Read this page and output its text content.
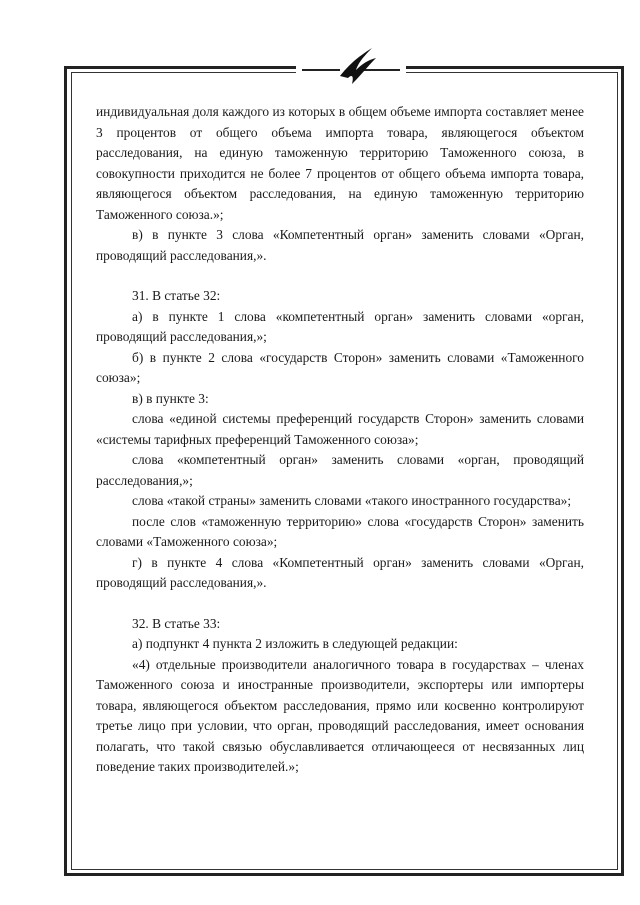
индивидуальная доля каждого из которых в общем объеме импорта составляет менее 3 процентов от общего объема импорта товара, являющегося объектом расследования, на единую таможенную территорию Таможенного союза, в совокупности приходится не более 7 процентов от общего объема импорта товара, являющегося объектом расследования, на единую таможенную территорию Таможенного союза.»;

в) в пункте 3 слова «Компетентный орган» заменить словами «Орган, проводящий расследования,».

31. В статье 32:

а) в пункте 1 слова «компетентный орган» заменить словами «орган, проводящий расследования,»;

б) в пункте 2 слова «государств Сторон» заменить словами «Таможенного союза»;

в) в пункте 3:

слова «единой системы преференций государств Сторон» заменить словами «системы тарифных преференций Таможенного союза»;

слова «компетентный орган» заменить словами «орган, проводящий расследования,»;

слова «такой страны» заменить словами «такого иностранного государства»;

после слов «таможенную территорию» слова «государств Сторон» заменить словами «Таможенного союза»;

г) в пункте 4 слова «Компетентный орган» заменить словами «Орган, проводящий расследования,».

32. В статье 33:

а) подпункт 4 пункта 2 изложить в следующей редакции:

«4) отдельные производители аналогичного товара в государствах – членах Таможенного союза и иностранные производители, экспортеры или импортеры товара, являющегося объектом расследования, прямо или косвенно контролируют третье лицо при условии, что орган, проводящий расследования, имеет основания полагать, что такой связью обуславливается отличающееся от несвязанных лиц поведение таких производителей.»;
